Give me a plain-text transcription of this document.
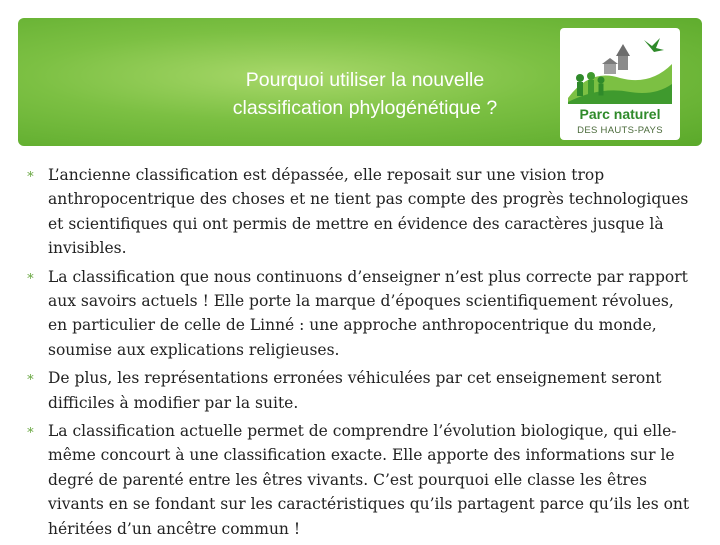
Pourquoi utiliser la nouvelle
classification phylogénétique ?	Parc naturel
DES HAUTS-PAYS
∗ L’ancienne classification est dépassée, elle reposait sur une vision trop anthropocentrique des choses et ne tient pas compte des progrès technologiques et scientifiques qui ont permis de mettre en évidence des caractères jusque là invisibles.
∗ La classification que nous continuons d’enseigner n’est plus correcte par rapport aux savoirs actuels ! Elle porte la marque d’époques scientifiquement révolues, en particulier de celle de Linné : une approche anthropocentrique du monde, soumise aux explications religieuses.
∗ De plus, les représentations erronées véhiculées par cet enseignement seront difficiles à modifier par la suite.
∗ La classification actuelle permet de comprendre l’évolution biologique, qui elle-même concourt à une classification exacte. Elle apporte des informations sur le degré de parenté entre les êtres vivants. C’est pourquoi elle classe les êtres vivants en se fondant sur les caractéristiques qu’ils partagent parce qu’ils les ont héritées d’un ancêtre commun !
